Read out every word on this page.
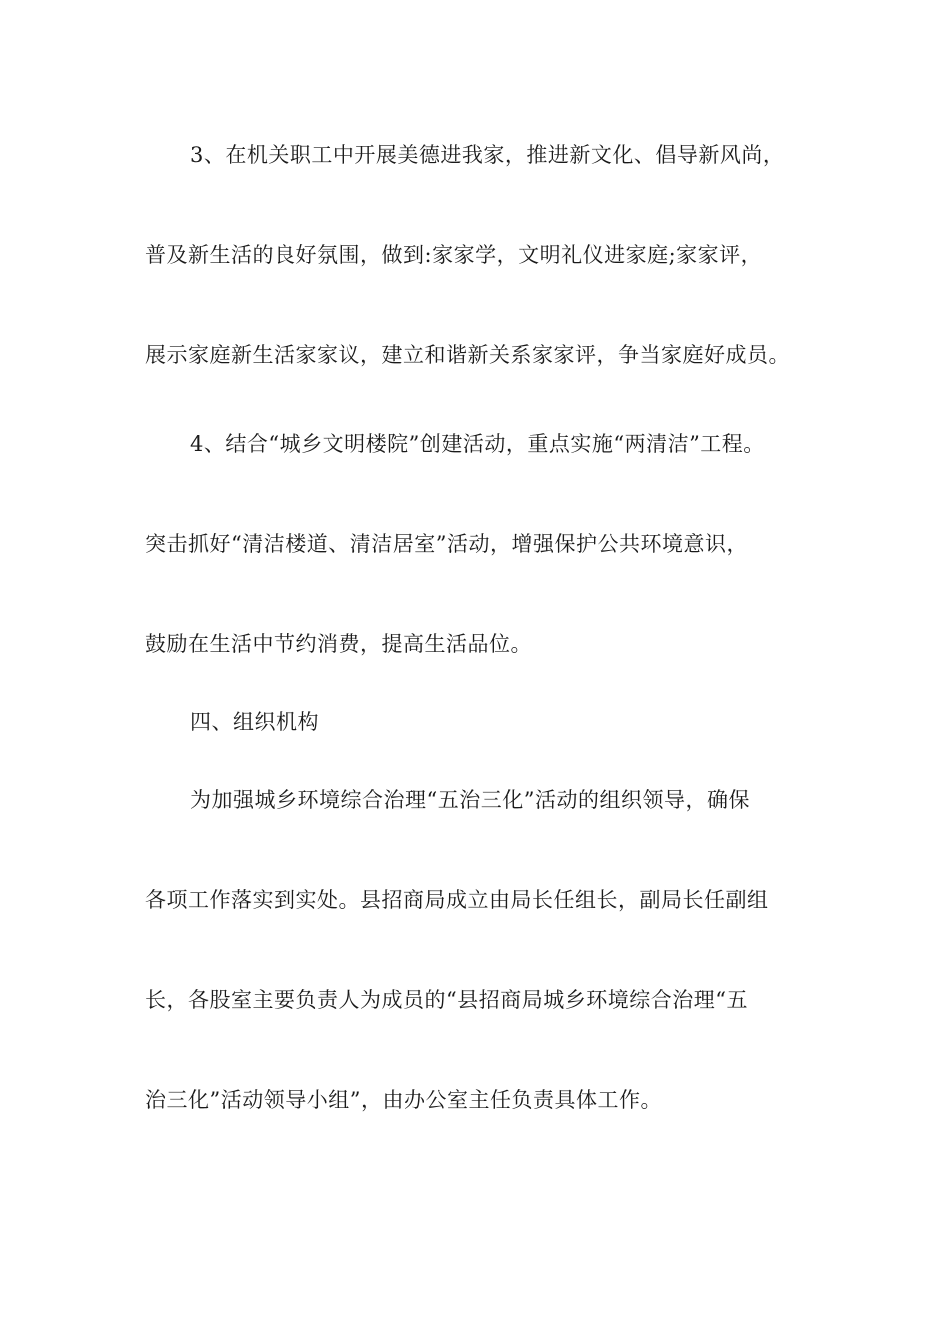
3、在机关职工中开展美德进我家，推进新文化、倡导新风尚，
普及新生活的良好氛围，做到:家家学，文明礼仪进家庭;家家评，
展示家庭新生活家家议，建立和谐新关系家家评，争当家庭好成员。
4、结合“城乡文明楼院”创建活动，重点实施“两清洁”工程。
突击抓好“清洁楼道、清洁居室”活动，增强保护公共环境意识，
鼓励在生活中节约消费，提高生活品位。
四、组织机构
为加强城乡环境综合治理“五治三化”活动的组织领导，确保
各项工作落实到实处。县招商局成立由局长任组长，副局长任副组
长，各股室主要负责人为成员的“县招商局城乡环境综合治理“五
治三化”活动领导小组”，由办公室主任负责具体工作。
